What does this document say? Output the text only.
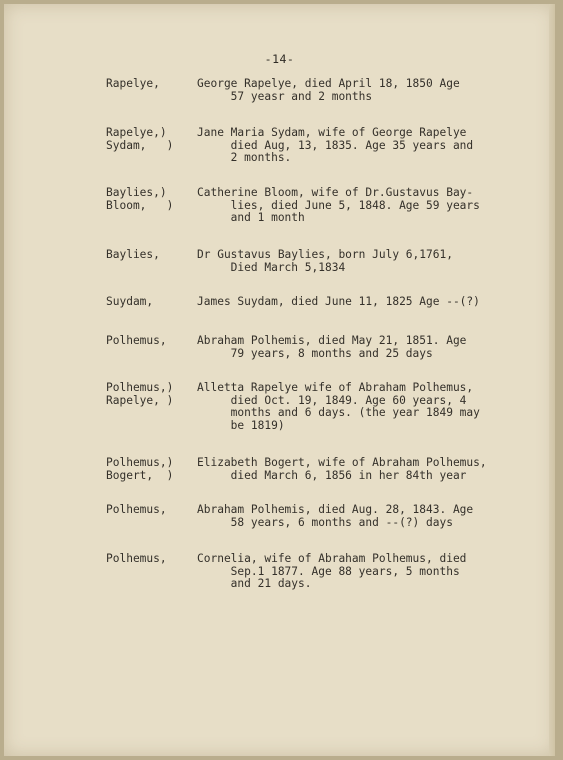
-14-
Rapelye,	George Rapelye, died April 18, 1850 Age
57 yeasr and 2 months
Rapelye,)
Sydam,   )
Jane Maria Sydam, wife of George Rapelye
died Aug, 13, 1835. Age 35 years and
2 months.
Baylies,)
Bloom,   )
Catherine Bloom, wife of Dr.Gustavus Bay-
lies, died June 5, 1848. Age 59 years
and 1 month
Baylies,	Dr Gustavus Baylies, born July 6,1761,
Died March 5,1834
Suydam,	James Suydam, died June 11, 1825 Age --(?)
Polhemus,	Abraham Polhemis, died May 21, 1851. Age
79 years, 8 months and 25 days
Polhemus,)
Rapelye, )
Alletta Rapelye wife of Abraham Polhemus,
died Oct. 19, 1849. Age 60 years, 4
months and 6 days. (the year 1849 may
be 1819)
Polhemus,)
Bogert,  )
Elizabeth Bogert, wife of Abraham Polhemus,
died March 6, 1856 in her 84th year
Polhemus,	Abraham Polhemis, died Aug. 28, 1843. Age
58 years, 6 months and --(?) days
Polhemus,	Cornelia, wife of Abraham Polhemus, died
Sep.1 1877. Age 88 years, 5 months
and 21 days.
